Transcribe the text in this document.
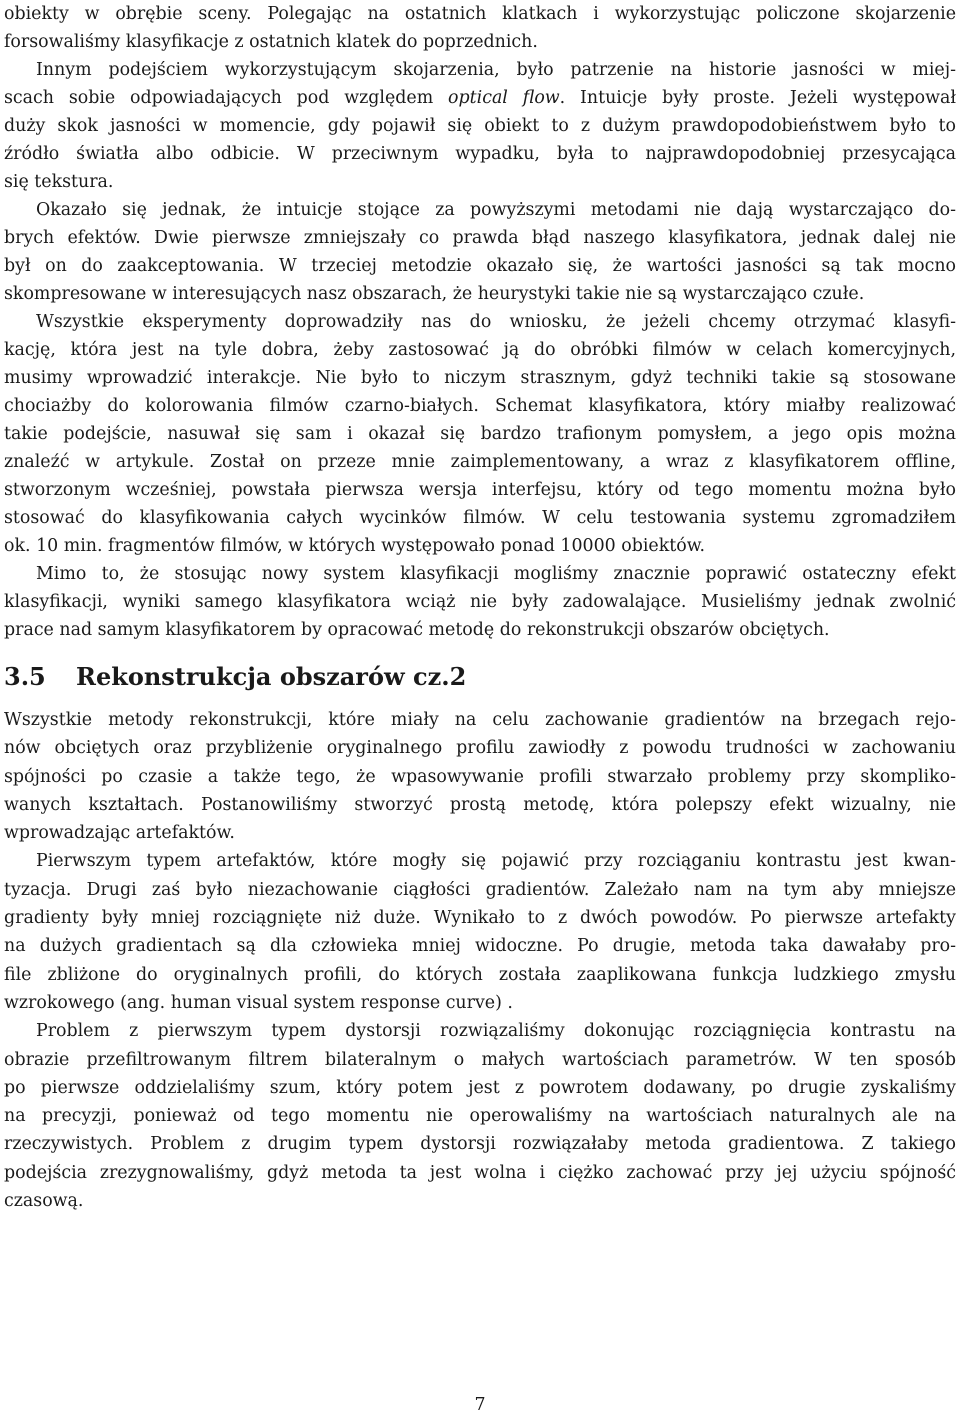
obiekty w obrębie sceny. Polegając na ostatnich klatkach i wykorzystując policzone skojarzenie
forsowaliśmy klasyfikacje z ostatnich klatek do poprzednich.
Innym podejściem wykorzystującym skojarzenia, było patrzenie na historie jasności w miej-
scach sobie odpowiadających pod względem optical flow. Intuicje były proste. Jeżeli występował
duży skok jasności w momencie, gdy pojawił się obiekt to z dużym prawdopodobieństwem było to
źródło światła albo odbicie. W przeciwnym wypadku, była to najprawdopodobniej przesycająca
się tekstura.
Okazało się jednak, że intuicje stojące za powyższymi metodami nie dają wystarczająco do-
brych efektów. Dwie pierwsze zmniejszały co prawda błąd naszego klasyfikatora, jednak dalej nie
był on do zaakceptowania. W trzeciej metodzie okazało się, że wartości jasności są tak mocno
skompresowane w interesujących nasz obszarach, że heurystyki takie nie są wystarczająco czułe.
Wszystkie eksperymenty doprowadziły nas do wniosku, że jeżeli chcemy otrzymać klasyfi-
kację, która jest na tyle dobra, żeby zastosować ją do obróbki filmów w celach komercyjnych,
musimy wprowadzić interakcje. Nie było to niczym strasznym, gdyż techniki takie są stosowane
chociażby do kolorowania filmów czarno-białych. Schemat klasyfikatora, który miałby realizować
takie podejście, nasuwał się sam i okazał się bardzo trafionym pomysłem, a jego opis można
znaleźć w artykule. Został on przeze mnie zaimplementowany, a wraz z klasyfikatorem offline,
stworzonym wcześniej, powstała pierwsza wersja interfejsu, który od tego momentu można było
stosować do klasyfikowania całych wycinków filmów. W celu testowania systemu zgromadziłem
ok. 10 min. fragmentów filmów, w których występowało ponad 10000 obiektów.
Mimo to, że stosując nowy system klasyfikacji mogliśmy znacznie poprawić ostateczny efekt
klasyfikacji, wyniki samego klasyfikatora wciąż nie były zadowalające. Musieliśmy jednak zwolnić
prace nad samym klasyfikatorem by opracować metodę do rekonstrukcji obszarów obciętych.
3.5 Rekonstrukcja obszarów cz.2
Wszystkie metody rekonstrukcji, które miały na celu zachowanie gradientów na brzegach rejo-
nów obciętych oraz przybliżenie oryginalnego profilu zawiodły z powodu trudności w zachowaniu
spójności po czasie a także tego, że wpasowywanie profili stwarzało problemy przy skompliko-
wanych kształtach. Postanowiliśmy stworzyć prostą metodę, która polepszy efekt wizualny, nie
wprowadzając artefaktów.
Pierwszym typem artefaktów, które mogły się pojawić przy rozciąganiu kontrastu jest kwan-
tyzacja. Drugi zaś było niezachowanie ciągłości gradientów. Zależało nam na tym aby mniejsze
gradienty były mniej rozciągnięte niż duże. Wynikało to z dwóch powodów. Po pierwsze artefakty
na dużych gradientach są dla człowieka mniej widoczne. Po drugie, metoda taka dawałaby pro-
file zbliżone do oryginalnych profili, do których została zaaplikowana funkcja ludzkiego zmysłu
wzrokowego (ang. human visual system response curve) .
Problem z pierwszym typem dystorsji rozwiązaliśmy dokonując rozciągnięcia kontrastu na
obrazie przefiltrowanym filtrem bilateralnym o małych wartościach parametrów. W ten sposób
po pierwsze oddzielaliśmy szum, który potem jest z powrotem dodawany, po drugie zyskaliśmy
na precyzji, ponieważ od tego momentu nie operowaliśmy na wartościach naturalnych ale na
rzeczywistych. Problem z drugim typem dystorsji rozwiązałaby metoda gradientowa. Z takiego
podejścia zrezygnowaliśmy, gdyż metoda ta jest wolna i ciężko zachować przy jej użyciu spójność
czasową.
7
